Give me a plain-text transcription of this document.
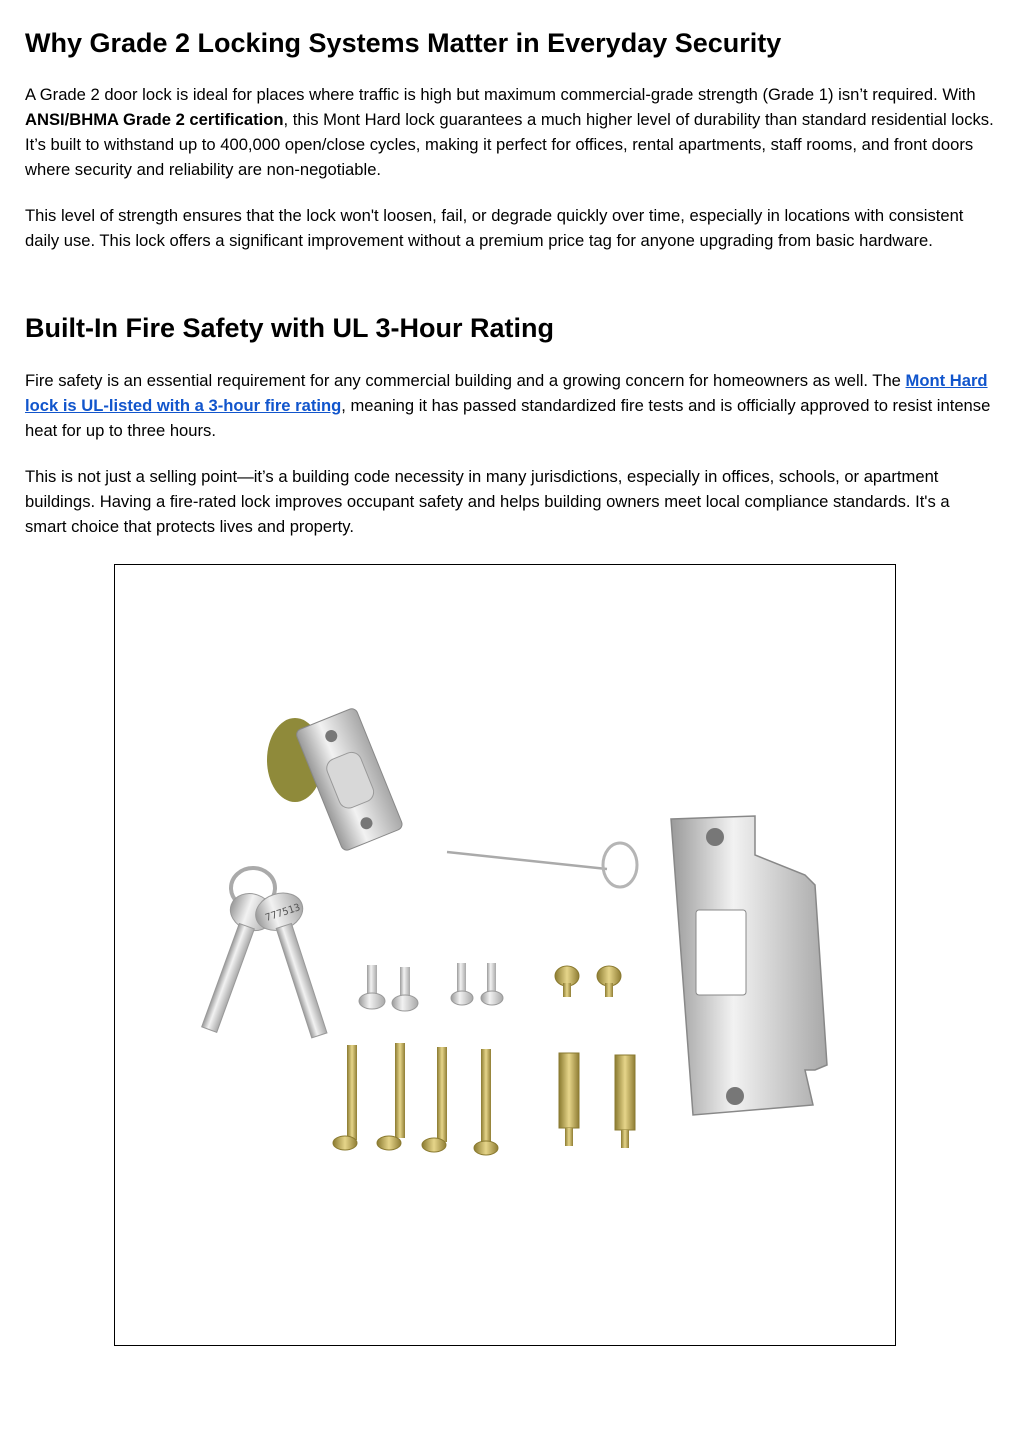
Why Grade 2 Locking Systems Matter in Everyday Security

A Grade 2 door lock is ideal for places where traffic is high but maximum commercial-grade strength (Grade 1) isn’t required. With ANSI/BHMA Grade 2 certification, this Mont Hard lock guarantees a much higher level of durability than standard residential locks. It’s built to withstand up to 400,000 open/close cycles, making it perfect for offices, rental apartments, staff rooms, and front doors where security and reliability are non-negotiable.

This level of strength ensures that the lock won't loosen, fail, or degrade quickly over time, especially in locations with consistent daily use. This lock offers a significant improvement without a premium price tag for anyone upgrading from basic hardware.

Built-In Fire Safety with UL 3-Hour Rating

Fire safety is an essential requirement for any commercial building and a growing concern for homeowners as well. The Mont Hard lock is UL-listed with a 3-hour fire rating, meaning it has passed standardized fire tests and is officially approved to resist intense heat for up to three hours.

This is not just a selling point—it’s a building code necessity in many jurisdictions, especially in offices, schools, or apartment buildings. Having a fire-rated lock improves occupant safety and helps building owners meet local compliance standards. It's a smart choice that protects lives and property.

777513
